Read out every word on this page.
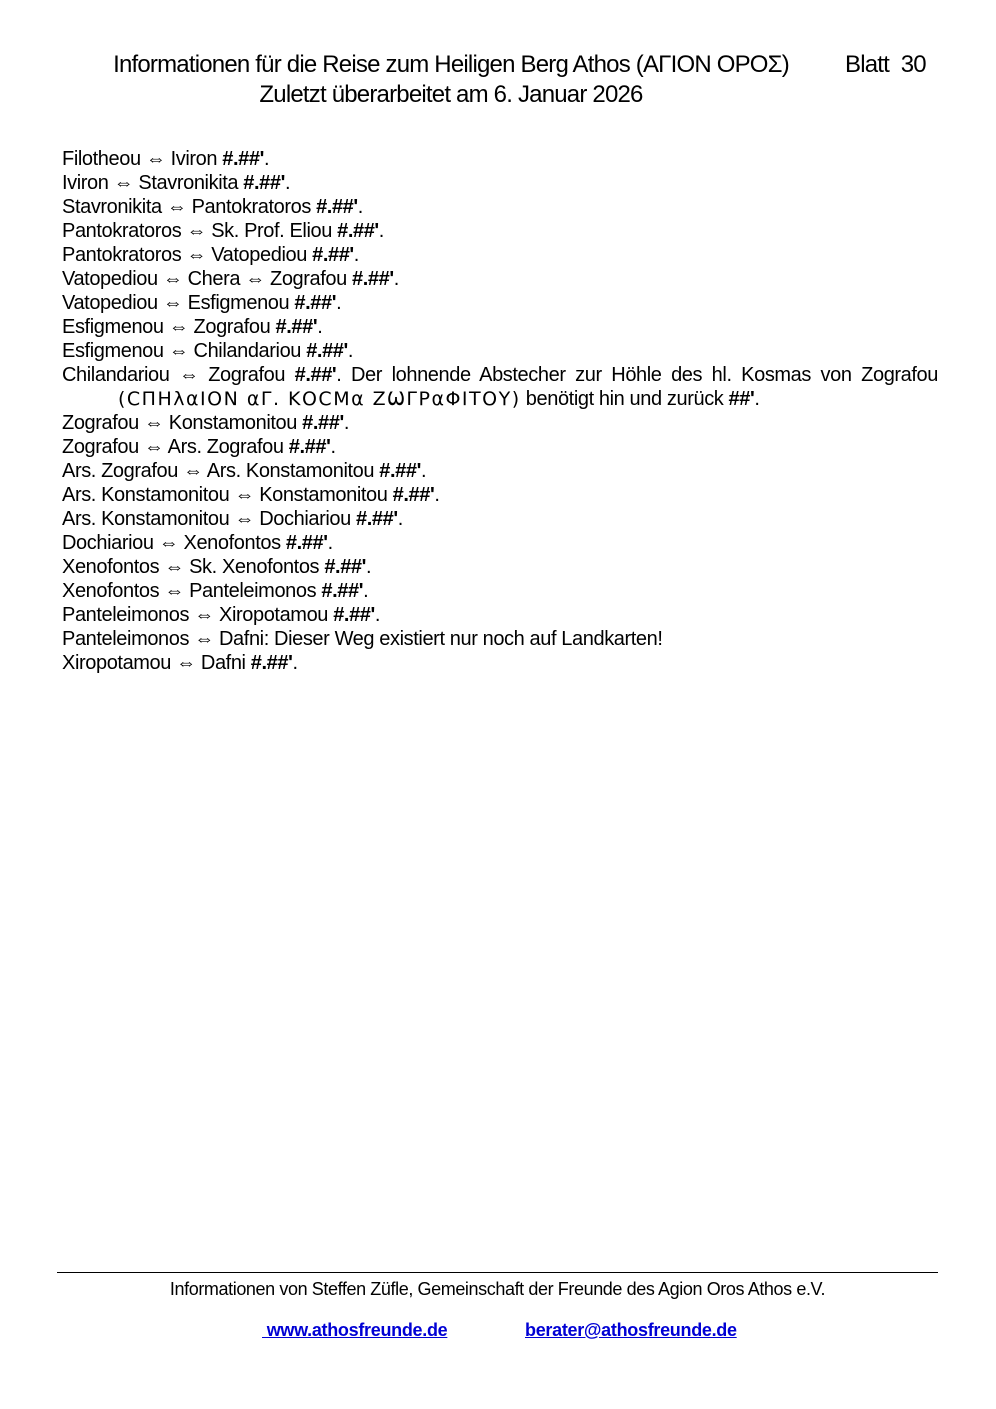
Informationen für die Reise zum Heiligen Berg Athos (ΑΓΙΟΝ ΟΡΟΣ)
Zuletzt überarbeitet am 6. Januar 2026
Blatt  30
Filotheou ⇔ Iviron #.##'.
Iviron ⇔ Stavronikita #.##'.
Stavronikita ⇔ Pantokratoros #.##'.
Pantokratoros ⇔ Sk. Prof. Eliou #.##'.
Pantokratoros ⇔ Vatopediou #.##'.
Vatopediou ⇔ Chera ⇔ Zografou #.##'.
Vatopediou ⇔ Esfigmenou #.##'.
Esfigmenou ⇔ Zografou #.##'.
Esfigmenou ⇔ Chilandariou #.##'.
Chilandariou ⇔ Zografou #.##'. Der lohnende Abstecher zur Höhle des hl. Kosmas von Zografou (ϹΠΗλαΙΟΝ αΓ. ΚΟϹΜα ΖѠΓΡαΦΙΤΟΥ) benötigt hin und zurück ##'.
Zografou ⇔ Konstamonitou #.##'.
Zografou ⇔ Ars. Zografou #.##'.
Ars. Zografou ⇔ Ars. Konstamonitou #.##'.
Ars. Konstamonitou ⇔ Konstamonitou #.##'.
Ars. Konstamonitou ⇔ Dochiariou #.##'.
Dochiariou ⇔ Xenofontos #.##'.
Xenofontos ⇔ Sk. Xenofontos #.##'.
Xenofontos ⇔ Panteleimonos #.##'.
Panteleimonos ⇔ Xiropotamou #.##'.
Panteleimonos ⇔ Dafni: Dieser Weg existiert nur noch auf Landkarten!
Xiropotamou ⇔ Dafni #.##'.
Informationen von Steffen Züfle, Gemeinschaft der Freunde des Agion Oros Athos e.V.
www.athosfreunde.de	berater@athosfreunde.de
